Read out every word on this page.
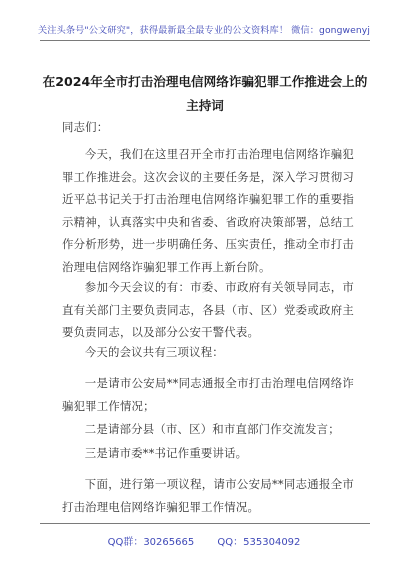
关注头条号"公文研究"，获得最新最全最专业的公文资料库！ 微信：gongwenyj
在2024年全市打击治理电信网络诈骗犯罪工作推进会上的
主持词
同志们：
今天，我们在这里召开全市打击治理电信网络诈骗犯罪工作推进会。这次会议的主要任务是，深入学习贯彻习近平总书记关于打击治理电信网络诈骗犯罪工作的重要指示精神，认真落实中央和省委、省政府决策部署，总结工作分析形势，进一步明确任务、压实责任，推动全市打击治理电信网络诈骗犯罪工作再上新台阶。
参加今天会议的有：市委、市政府有关领导同志，市直有关部门主要负责同志，各县（市、区）党委或政府主要负责同志，以及部分公安干警代表。
今天的会议共有三项议程：
一是请市公安局**同志通报全市打击治理电信网络诈骗犯罪工作情况；
二是请部分县（市、区）和市直部门作交流发言；
三是请市委**书记作重要讲话。
下面，进行第一项议程，请市公安局**同志通报全市打击治理电信网络诈骗犯罪工作情况。
QQ群：30265665 QQ：535304092
